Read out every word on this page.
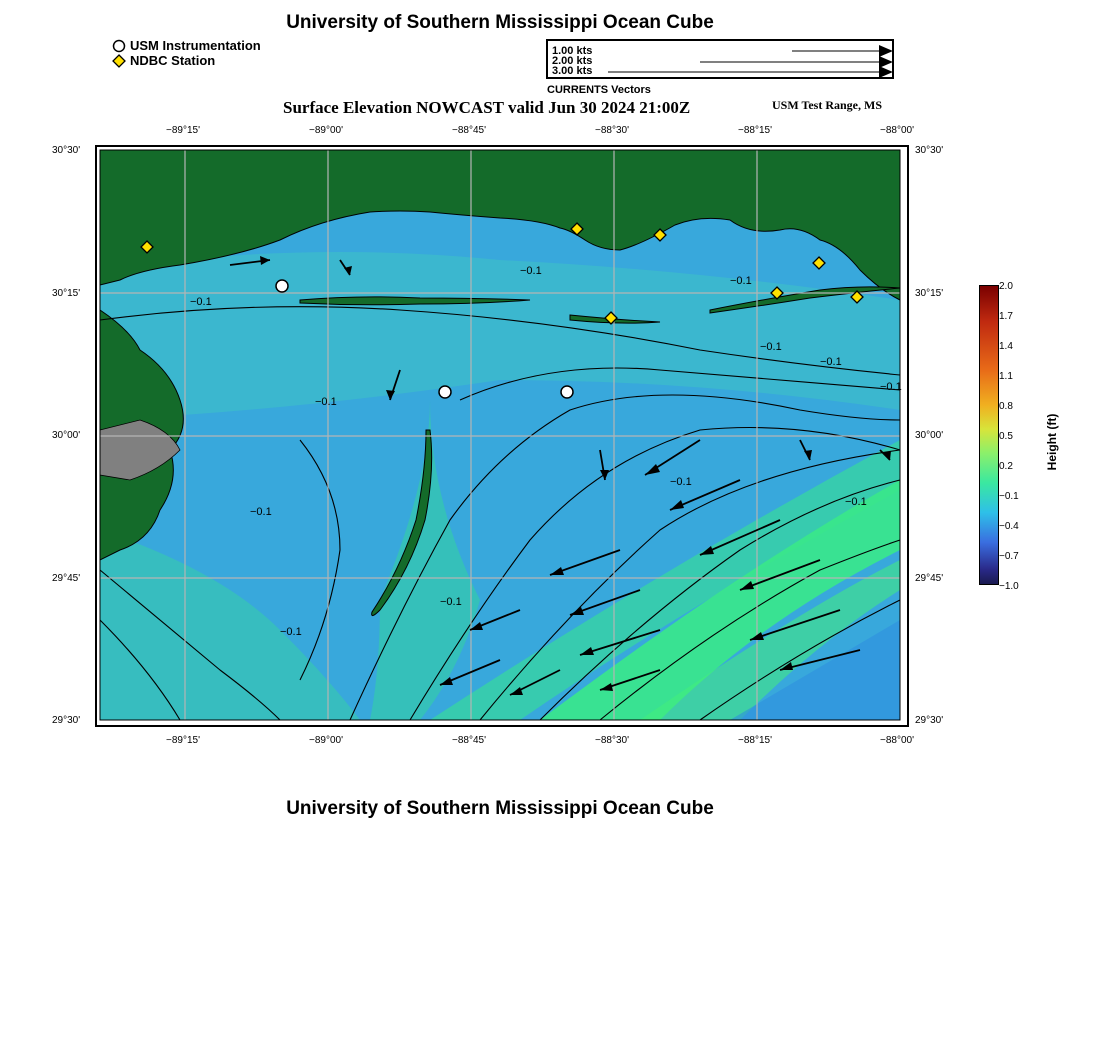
University of Southern Mississippi Ocean Cube
USM Instrumentation
NDBC Station
1.00 kts
2.00 kts
3.00 kts
CURRENTS Vectors
Surface Elevation NOWCAST valid Jun 30 2024 21:00Z	USM Test Range, MS
−89°15'	−89°00'	−88°45'	−88°30'	−88°15'	−88°00'
−89°15'	−89°00'	−88°45'	−88°30'	−88°15'	−88°00'
30°30'
30°15'
30°00'
29°45'
29°30'
30°30'
30°15'
30°00'
29°45'
29°30'
−0.1
−0.1
−0.1
−0.1
−0.1
−0.1
−0.1
−0.1
−0.1
−0.1
−0.1
−0.1
2.0
1.7
1.4
1.1
0.8
0.5
0.2
−0.1
−0.4
−0.7
−1.0
Height (ft)
University of Southern Mississippi Ocean Cube
